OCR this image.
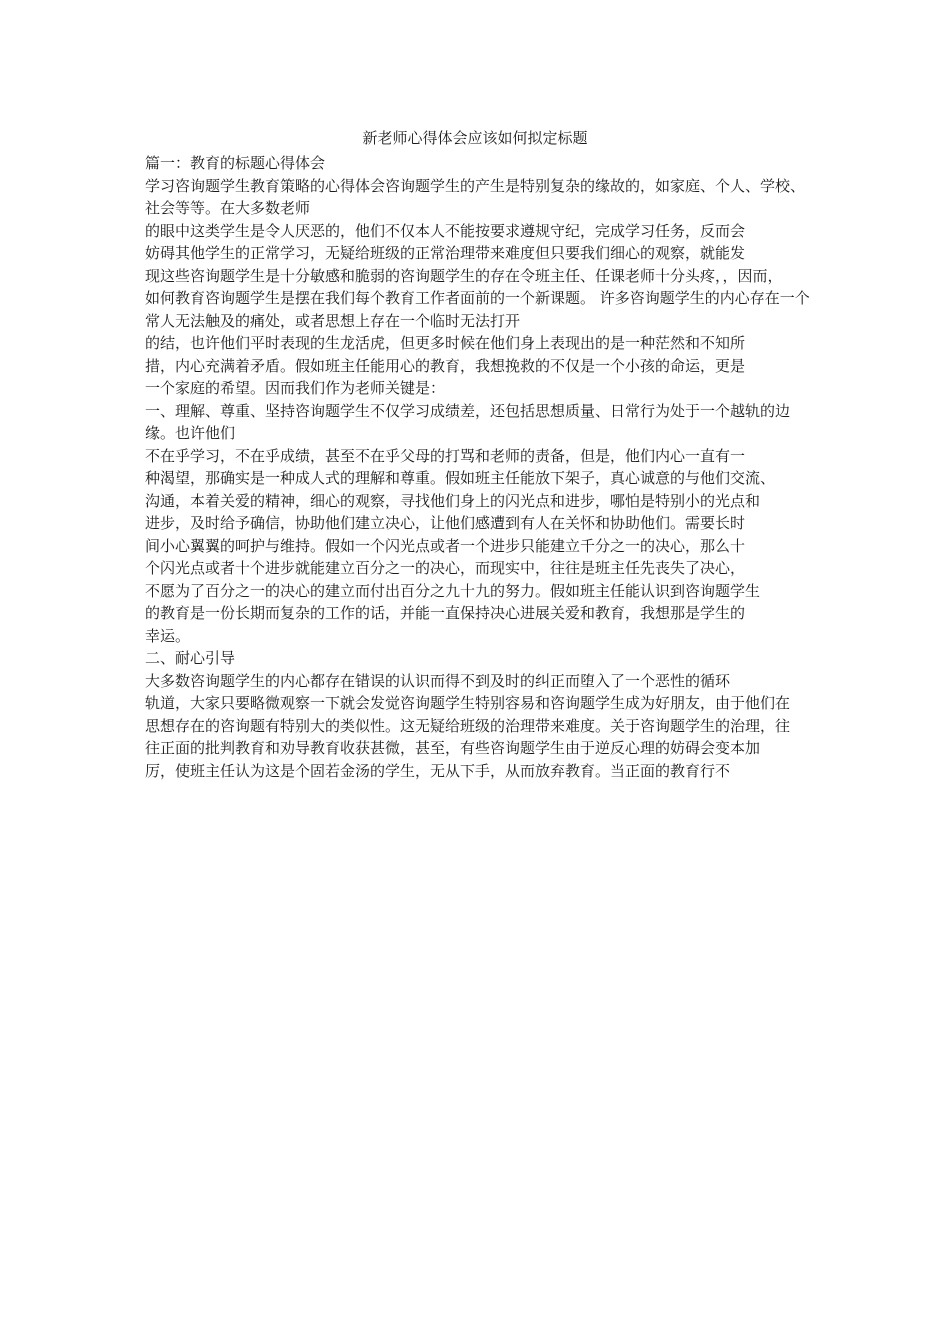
新老师心得体会应该如何拟定标题

篇一：教育的标题心得体会

学习咨询题学生教育策略的心得体会咨询题学生的产生是特别复杂的缘故的，如家庭、个人、学校、社会等等。在大多数老师

的眼中这类学生是令人厌恶的，他们不仅本人不能按要求遵规守纪，完成学习任务，反而会

妨碍其他学生的正常学习，无疑给班级的正常治理带来难度但只要我们细心的观察，就能发

现这些咨询题学生是十分敏感和脆弱的咨询题学生的存在令班主任、任课老师十分头疼，，因而，

如何教育咨询题学生是摆在我们每个教育工作者面前的一个新课题。 许多咨询题学生的内心存在一个常人无法触及的痛处，或者思想上存在一个临时无法打开

的结，也许他们平时表现的生龙活虎，但更多时候在他们身上表现出的是一种茫然和不知所

措，内心充满着矛盾。假如班主任能用心的教育，我想挽救的不仅是一个小孩的命运，更是

一个家庭的希望。因而我们作为老师关键是：

一、理解、尊重、坚持咨询题学生不仅学习成绩差，还包括思想质量、日常行为处于一个越轨的边缘。也许他们

不在乎学习，不在乎成绩，甚至不在乎父母的打骂和老师的责备，但是，他们内心一直有一

种渴望，那确实是一种成人式的理解和尊重。假如班主任能放下架子，真心诚意的与他们交流、

沟通，本着关爱的精神，细心的观察，寻找他们身上的闪光点和进步，哪怕是特别小的光点和

进步，及时给予确信，协助他们建立决心，让他们感遭到有人在关怀和协助他们。需要长时

间小心翼翼的呵护与维持。假如一个闪光点或者一个进步只能建立千分之一的决心，那么十

个闪光点或者十个进步就能建立百分之一的决心，而现实中，往往是班主任先丧失了决心，

不愿为了百分之一的决心的建立而付出百分之九十九的努力。假如班主任能认识到咨询题学生

的教育是一份长期而复杂的工作的话，并能一直保持决心进展关爱和教育，我想那是学生的

幸运。

二、耐心引导

大多数咨询题学生的内心都存在错误的认识而得不到及时的纠正而堕入了一个恶性的循环

轨道，大家只要略微观察一下就会发觉咨询题学生特别容易和咨询题学生成为好朋友，由于他们在

思想存在的咨询题有特别大的类似性。这无疑给班级的治理带来难度。关于咨询题学生的治理，往

往正面的批判教育和劝导教育收获甚微，甚至，有些咨询题学生由于逆反心理的妨碍会变本加

厉，使班主任认为这是个固若金汤的学生，无从下手，从而放弃教育。当正面的教育行不
